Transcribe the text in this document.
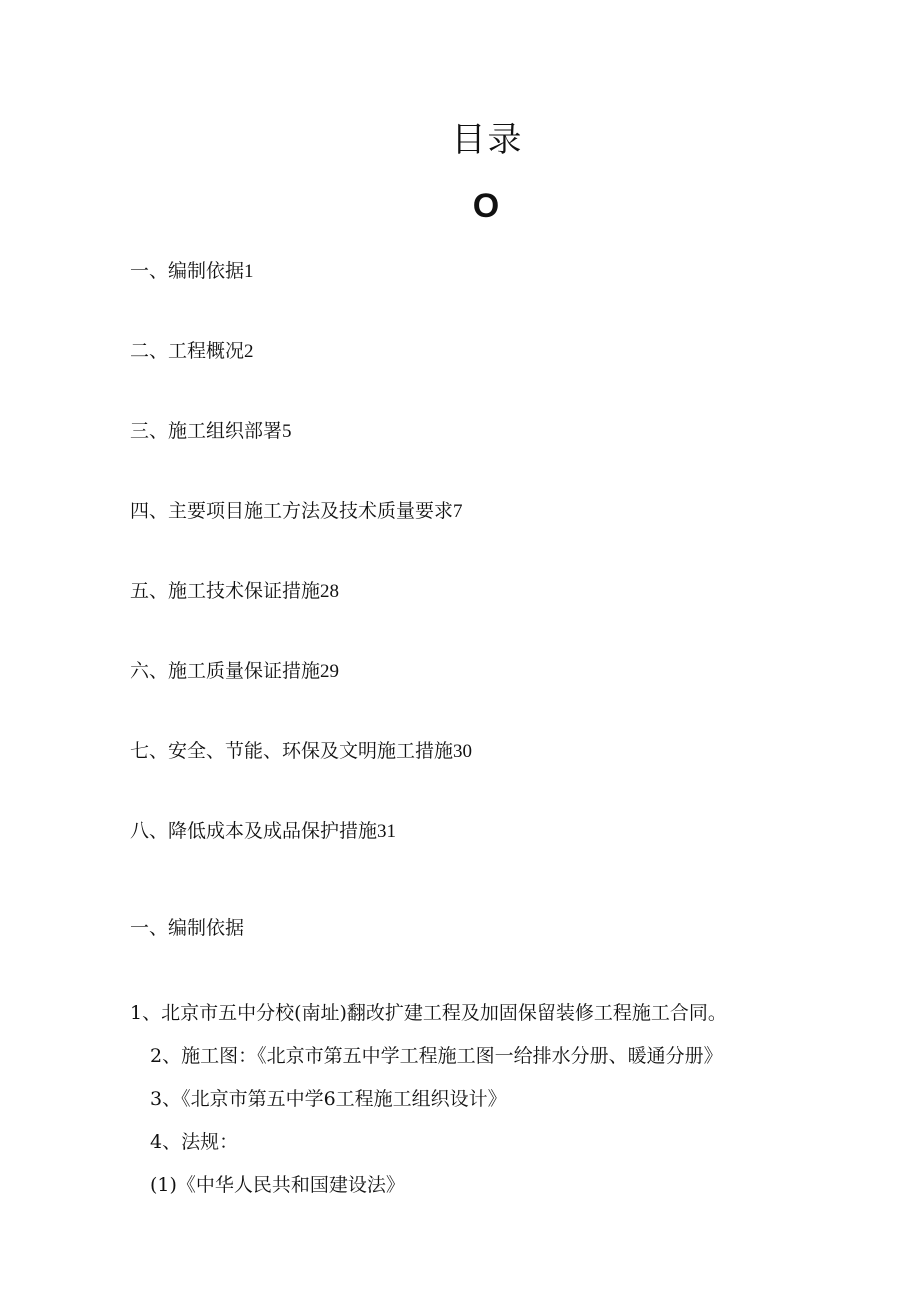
目录
O
一、编制依据1
二、工程概况2
三、施工组织部署5
四、主要项目施工方法及技术质量要求7
五、施工技术保证措施28
六、施工质量保证措施29
七、安全、节能、环保及文明施工措施30
八、降低成本及成品保护措施31
一、编制依据

1、北京市五中分校(南址)翻改扩建工程及加固保留装修工程施工合同。

2、施工图：《北京市第五中学工程施工图一给排水分册、暖通分册》

3、《北京市第五中学6工程施工组织设计》

4、法规：

(1)《中华人民共和国建设法》
